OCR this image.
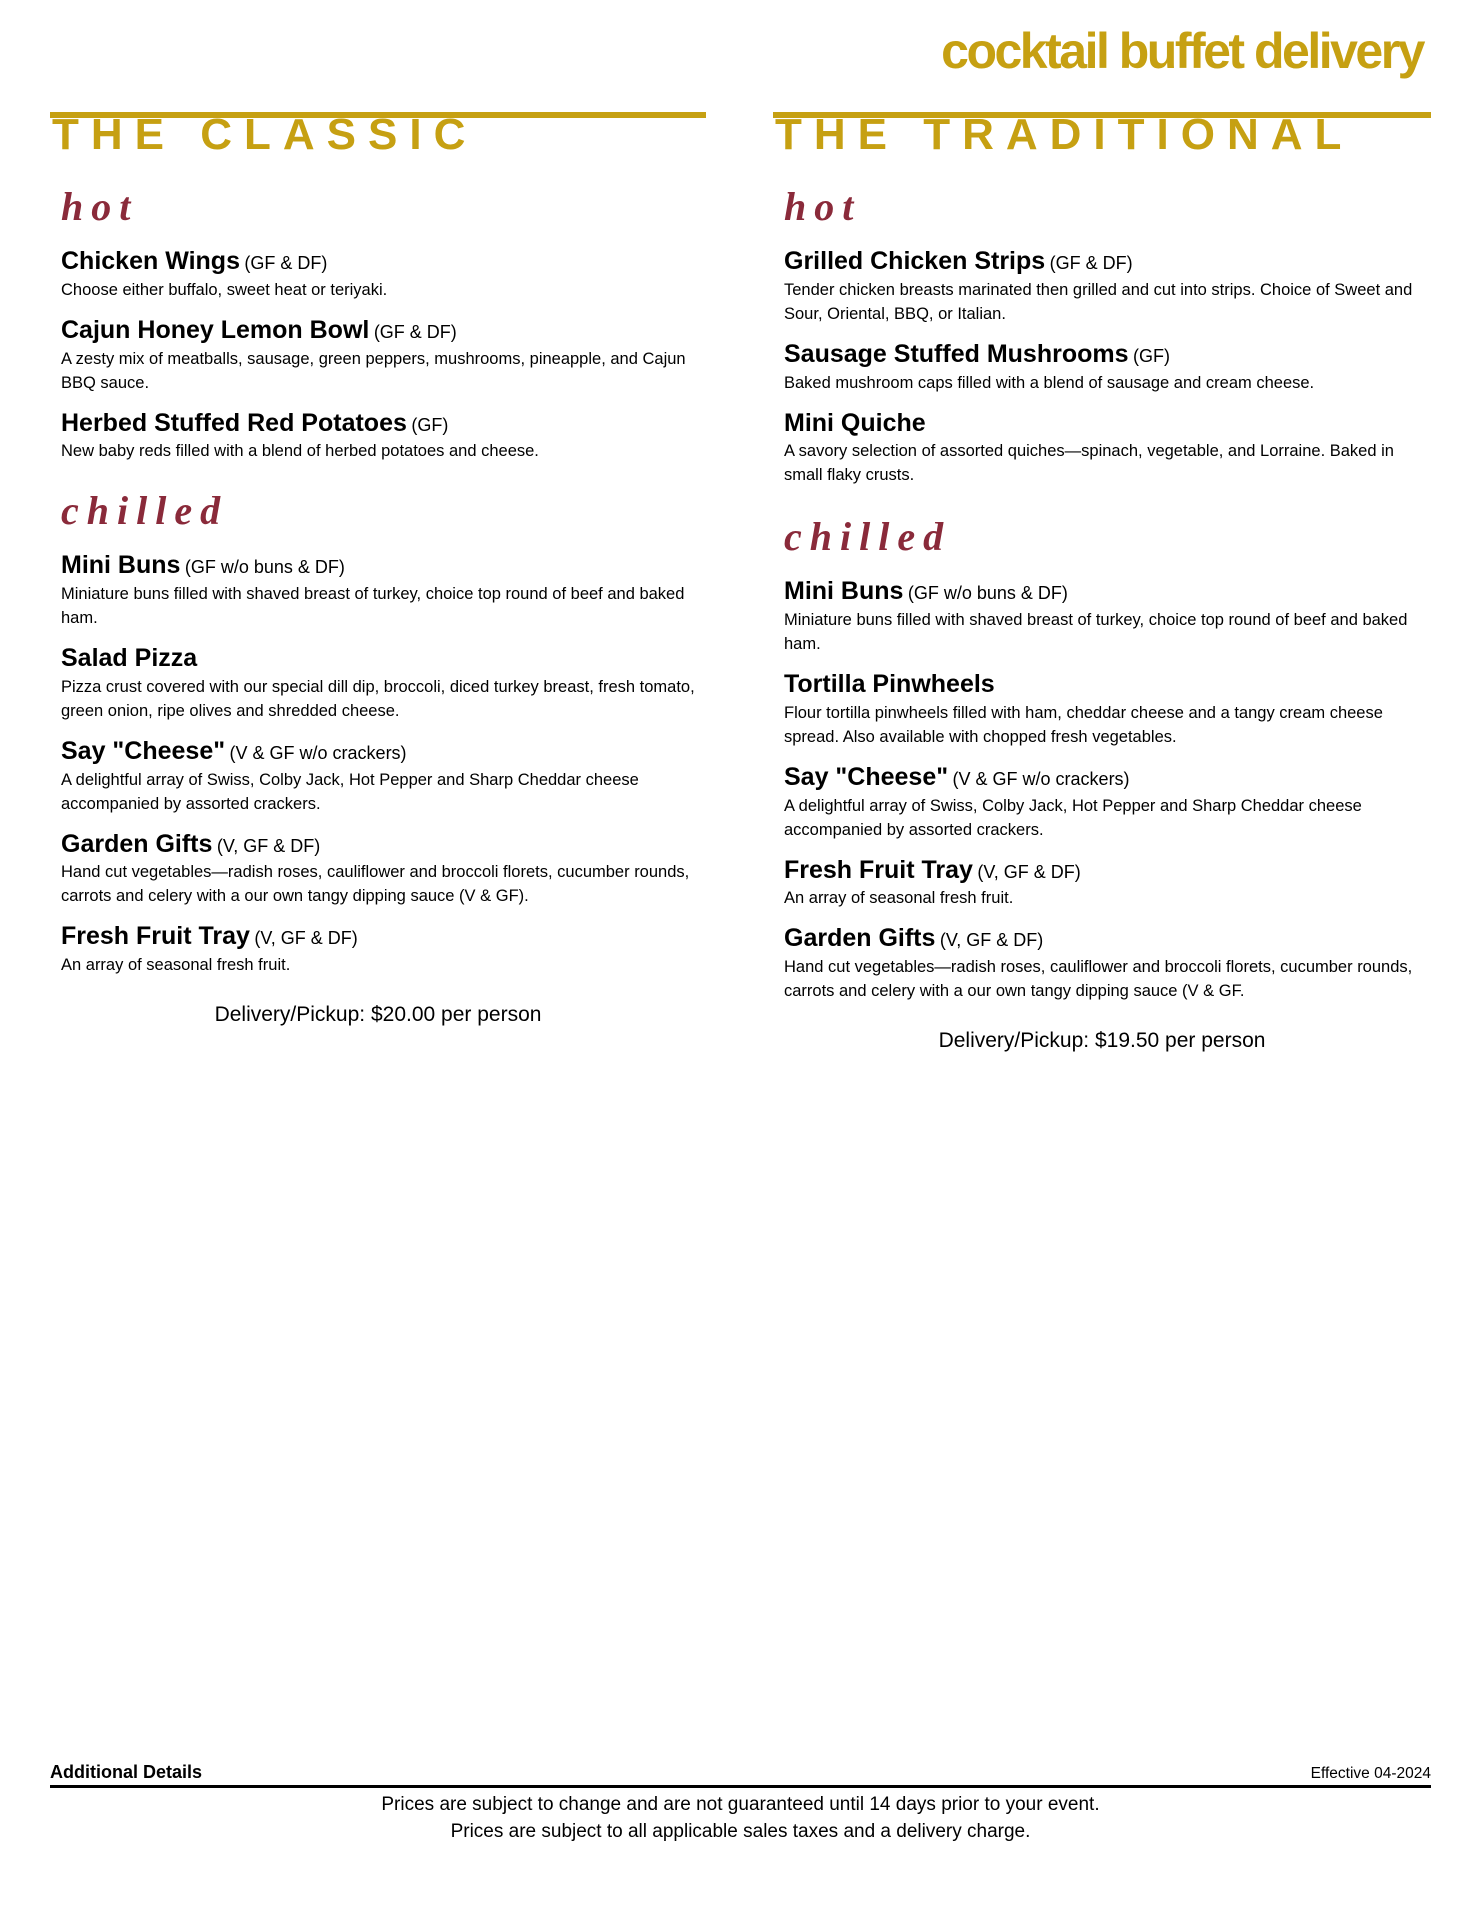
cocktail buffet delivery
THE CLASSIC
hot
Chicken Wings (GF & DF)
Choose either buffalo, sweet heat or teriyaki.
Cajun Honey Lemon Bowl (GF & DF)
A zesty mix of meatballs, sausage, green peppers, mushrooms, pineapple, and Cajun BBQ sauce.
Herbed Stuffed Red Potatoes (GF)
New baby reds filled with a blend of herbed potatoes and cheese.
chilled
Mini Buns (GF w/o buns & DF)
Miniature buns filled with shaved breast of turkey, choice top round of beef and baked ham.
Salad Pizza
Pizza crust covered with our special dill dip, broccoli, diced turkey breast, fresh tomato, green onion, ripe olives and shredded cheese.
Say "Cheese" (V & GF w/o crackers)
A delightful array of Swiss, Colby Jack, Hot Pepper and Sharp Cheddar cheese accompanied by assorted crackers.
Garden Gifts (V, GF & DF)
Hand cut vegetables—radish roses, cauliflower and broccoli florets, cucumber rounds, carrots and celery with a our own tangy dipping sauce (V & GF).
Fresh Fruit Tray (V, GF & DF)
An array of seasonal fresh fruit.
Delivery/Pickup: $20.00 per person
THE TRADITIONAL
hot
Grilled Chicken Strips (GF & DF)
Tender chicken breasts marinated then grilled and cut into strips. Choice of Sweet and Sour, Oriental, BBQ, or Italian.
Sausage Stuffed Mushrooms (GF)
Baked mushroom caps filled with a blend of sausage and cream cheese.
Mini Quiche
A savory selection of assorted quiches—spinach, vegetable, and Lorraine. Baked in small flaky crusts.
chilled
Mini Buns (GF w/o buns & DF)
Miniature buns filled with shaved breast of turkey, choice top round of beef and baked ham.
Tortilla Pinwheels
Flour tortilla pinwheels filled with ham, cheddar cheese and a tangy cream cheese spread. Also available with chopped fresh vegetables.
Say "Cheese" (V & GF w/o crackers)
A delightful array of Swiss, Colby Jack, Hot Pepper and Sharp Cheddar cheese accompanied by assorted crackers.
Fresh Fruit Tray (V, GF & DF)
An array of seasonal fresh fruit.
Garden Gifts (V, GF & DF)
Hand cut vegetables—radish roses, cauliflower and broccoli florets, cucumber rounds, carrots and celery with a our own tangy dipping sauce (V & GF.
Delivery/Pickup: $19.50 per person
Additional Details	Effective 04-2024
Prices are subject to change and are not guaranteed until 14 days prior to your event.
Prices are subject to all applicable sales taxes and a delivery charge.
